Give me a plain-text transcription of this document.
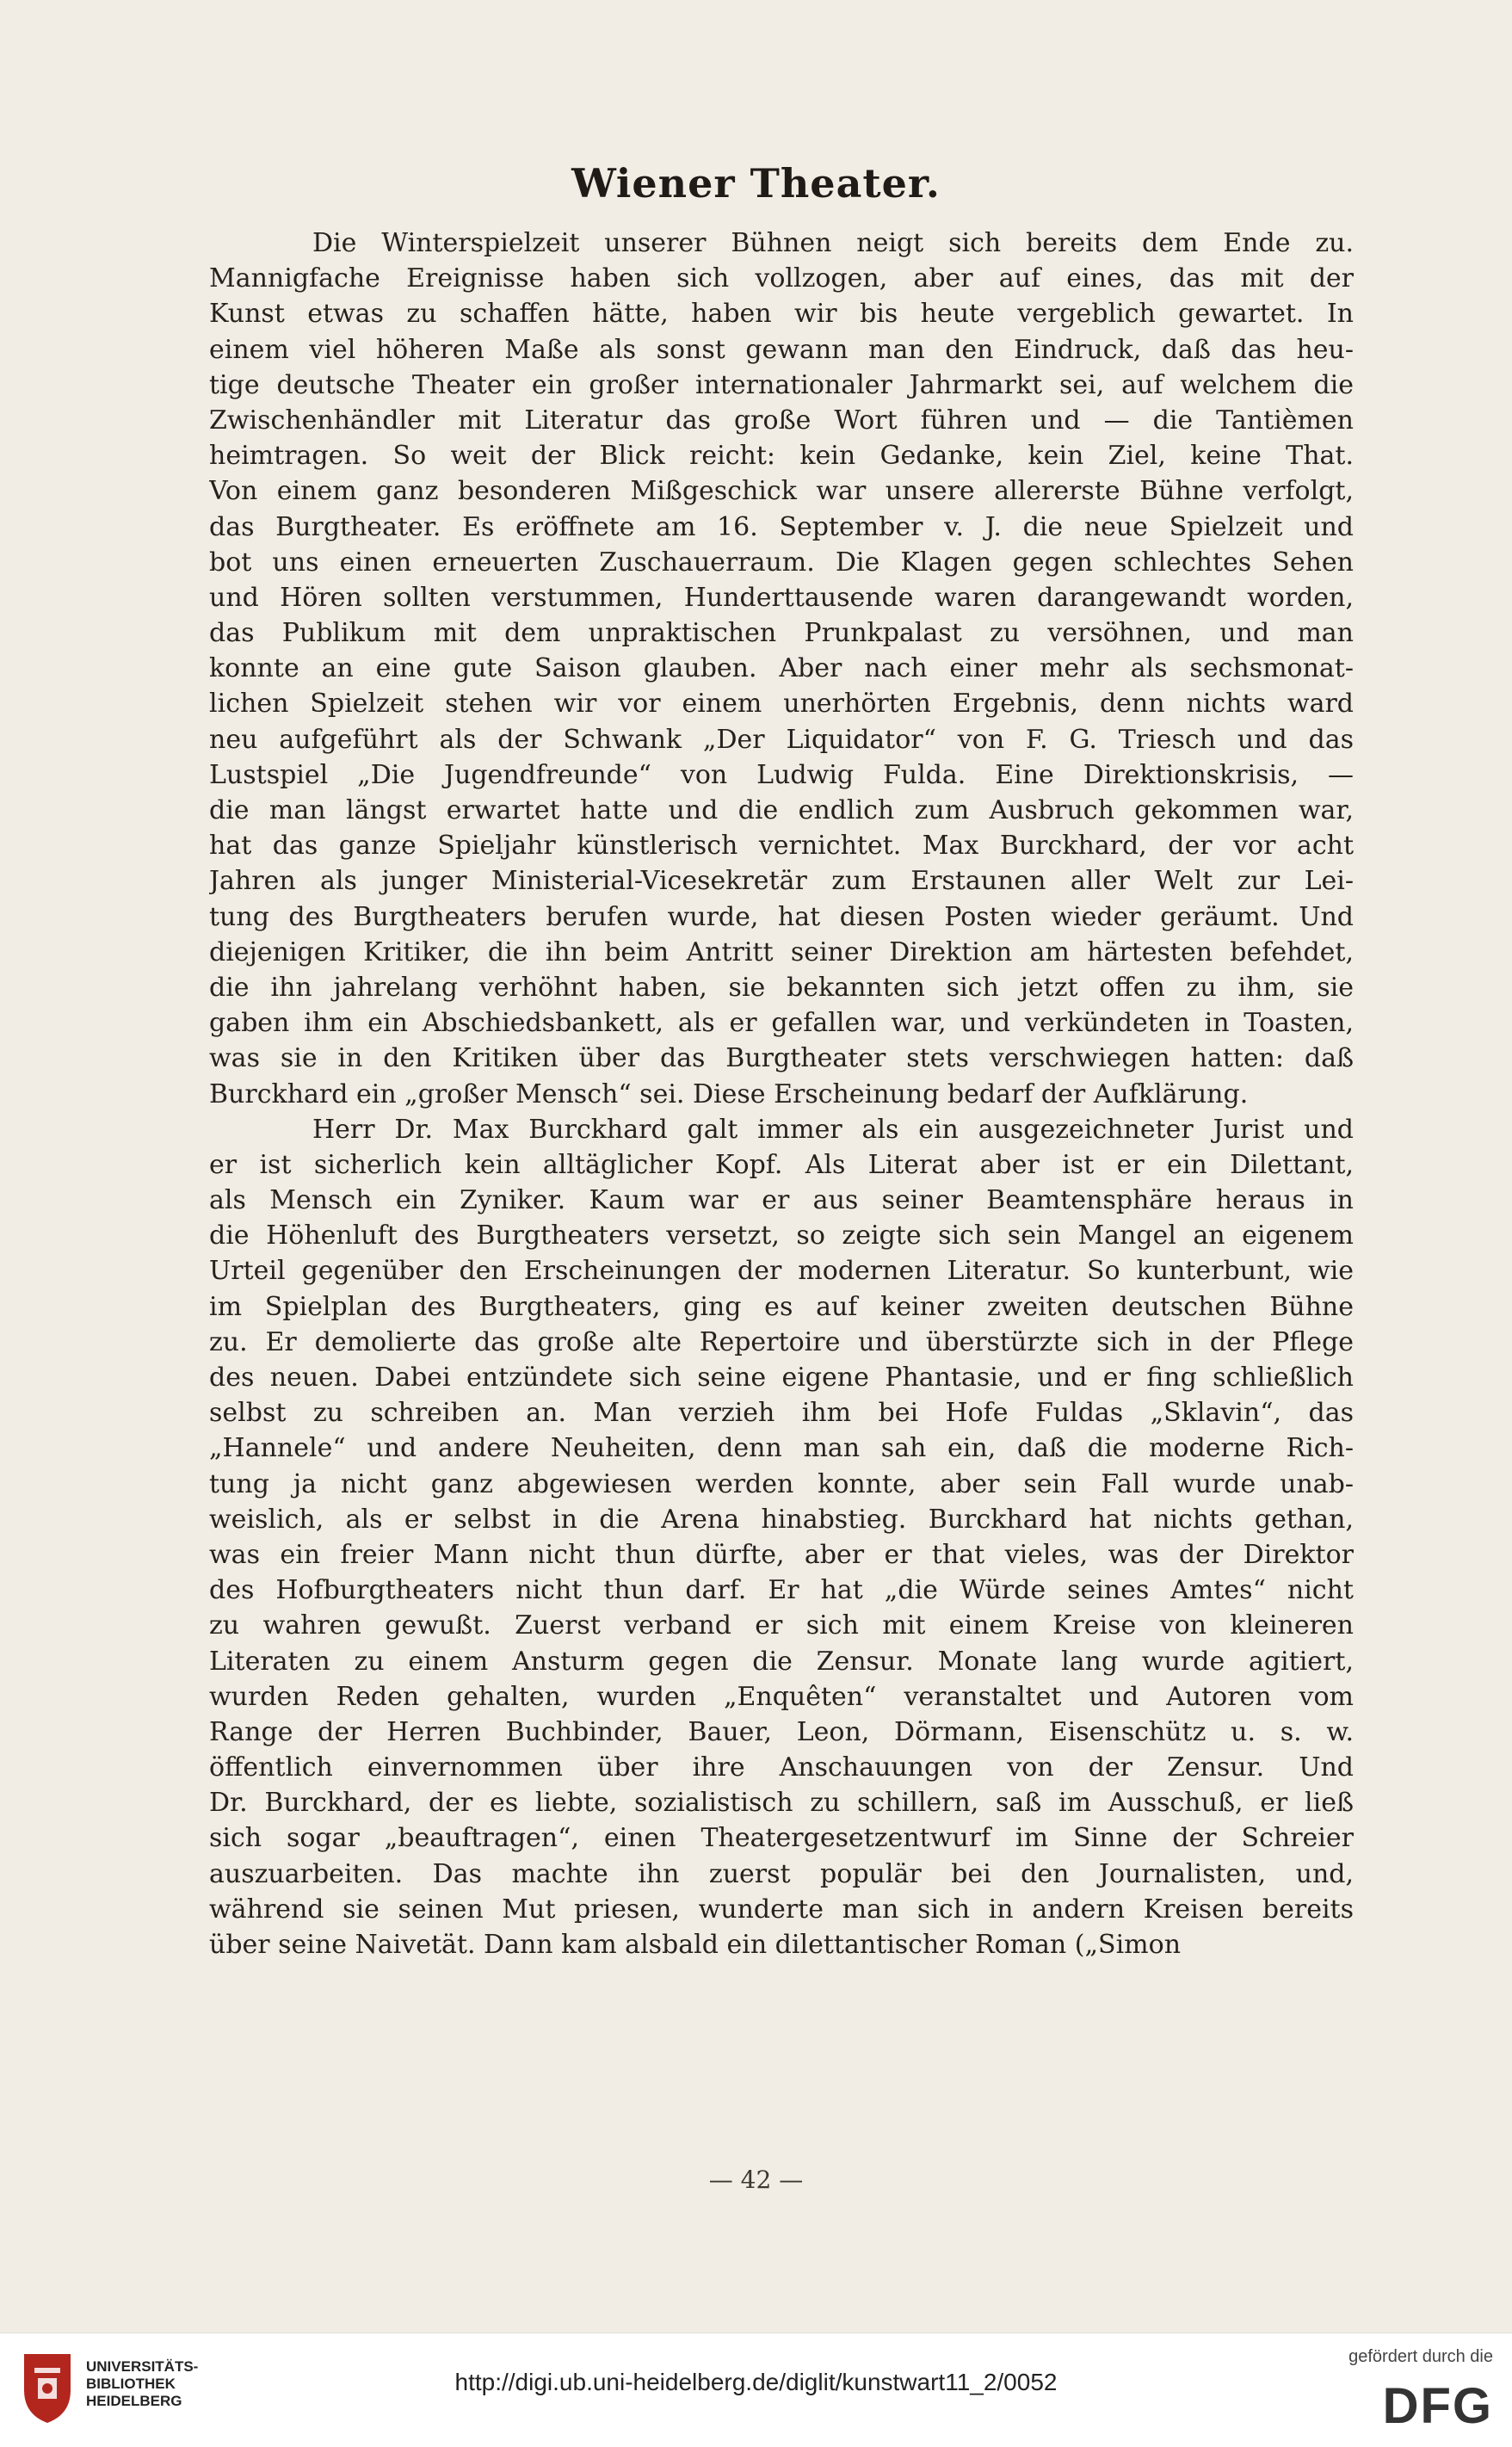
Wiener Theater.
Die Winterspielzeit unserer Bühnen neigt sich bereits dem Ende zu.
Mannigfache Ereignisse haben sich vollzogen, aber auf eines, das mit der
Kunst etwas zu schaffen hätte, haben wir bis heute vergeblich gewartet. In
einem viel höheren Maße als sonst gewann man den Eindruck, daß das heu-
tige deutsche Theater ein großer internationaler Jahrmarkt sei, auf welchem die
Zwischenhändler mit Literatur das große Wort führen und — die Tantièmen
heimtragen. So weit der Blick reicht: kein Gedanke, kein Ziel, keine That.
Von einem ganz besonderen Mißgeschick war unsere allererste Bühne verfolgt,
das Burgtheater. Es eröffnete am 16. September v. J. die neue Spielzeit und
bot uns einen erneuerten Zuschauerraum. Die Klagen gegen schlechtes Sehen
und Hören sollten verstummen, Hunderttausende waren darangewandt worden,
das Publikum mit dem unpraktischen Prunkpalast zu versöhnen, und man
konnte an eine gute Saison glauben. Aber nach einer mehr als sechsmonat-
lichen Spielzeit stehen wir vor einem unerhörten Ergebnis, denn nichts ward
neu aufgeführt als der Schwank „Der Liquidator“ von F. G. Triesch und das
Lustspiel „Die Jugendfreunde“ von Ludwig Fulda. Eine Direktionskrisis, —
die man längst erwartet hatte und die endlich zum Ausbruch gekommen war,
hat das ganze Spieljahr künstlerisch vernichtet. Max Burckhard, der vor acht
Jahren als junger Ministerial-Vicesekretär zum Erstaunen aller Welt zur Lei-
tung des Burgtheaters berufen wurde, hat diesen Posten wieder geräumt. Und
diejenigen Kritiker, die ihn beim Antritt seiner Direktion am härtesten befehdet,
die ihn jahrelang verhöhnt haben, sie bekannten sich jetzt offen zu ihm, sie
gaben ihm ein Abschiedsbankett, als er gefallen war, und verkündeten in Toasten,
was sie in den Kritiken über das Burgtheater stets verschwiegen hatten: daß
Burckhard ein „großer Mensch“ sei. Diese Erscheinung bedarf der Aufklärung.
Herr Dr. Max Burckhard galt immer als ein ausgezeichneter Jurist und
er ist sicherlich kein alltäglicher Kopf. Als Literat aber ist er ein Dilettant,
als Mensch ein Zyniker. Kaum war er aus seiner Beamtensphäre heraus in
die Höhenluft des Burgtheaters versetzt, so zeigte sich sein Mangel an eigenem
Urteil gegenüber den Erscheinungen der modernen Literatur. So kunterbunt, wie
im Spielplan des Burgtheaters, ging es auf keiner zweiten deutschen Bühne
zu. Er demolierte das große alte Repertoire und überstürzte sich in der Pflege
des neuen. Dabei entzündete sich seine eigene Phantasie, und er fing schließlich
selbst zu schreiben an. Man verzieh ihm bei Hofe Fuldas „Sklavin“, das
„Hannele“ und andere Neuheiten, denn man sah ein, daß die moderne Rich-
tung ja nicht ganz abgewiesen werden konnte, aber sein Fall wurde unab-
weislich, als er selbst in die Arena hinabstieg. Burckhard hat nichts gethan,
was ein freier Mann nicht thun dürfte, aber er that vieles, was der Direktor
des Hofburgtheaters nicht thun darf. Er hat „die Würde seines Amtes“ nicht
zu wahren gewußt. Zuerst verband er sich mit einem Kreise von kleineren
Literaten zu einem Ansturm gegen die Zensur. Monate lang wurde agitiert,
wurden Reden gehalten, wurden „Enquêten“ veranstaltet und Autoren vom
Range der Herren Buchbinder, Bauer, Leon, Dörmann, Eisenschütz u. s. w.
öffentlich einvernommen über ihre Anschauungen von der Zensur. Und
Dr. Burckhard, der es liebte, sozialistisch zu schillern, saß im Ausschuß, er ließ
sich sogar „beauftragen“, einen Theatergesetzentwurf im Sinne der Schreier
auszuarbeiten. Das machte ihn zuerst populär bei den Journalisten, und,
während sie seinen Mut priesen, wunderte man sich in andern Kreisen bereits
über seine Naivetät. Dann kam alsbald ein dilettantischer Roman („Simon
— 42 —
UNIVERSITÄTS-
BIBLIOTHEK
HEIDELBERG
http://digi.ub.uni-heidelberg.de/diglit/kunstwart11_2/0052
gefördert durch die
DFG
